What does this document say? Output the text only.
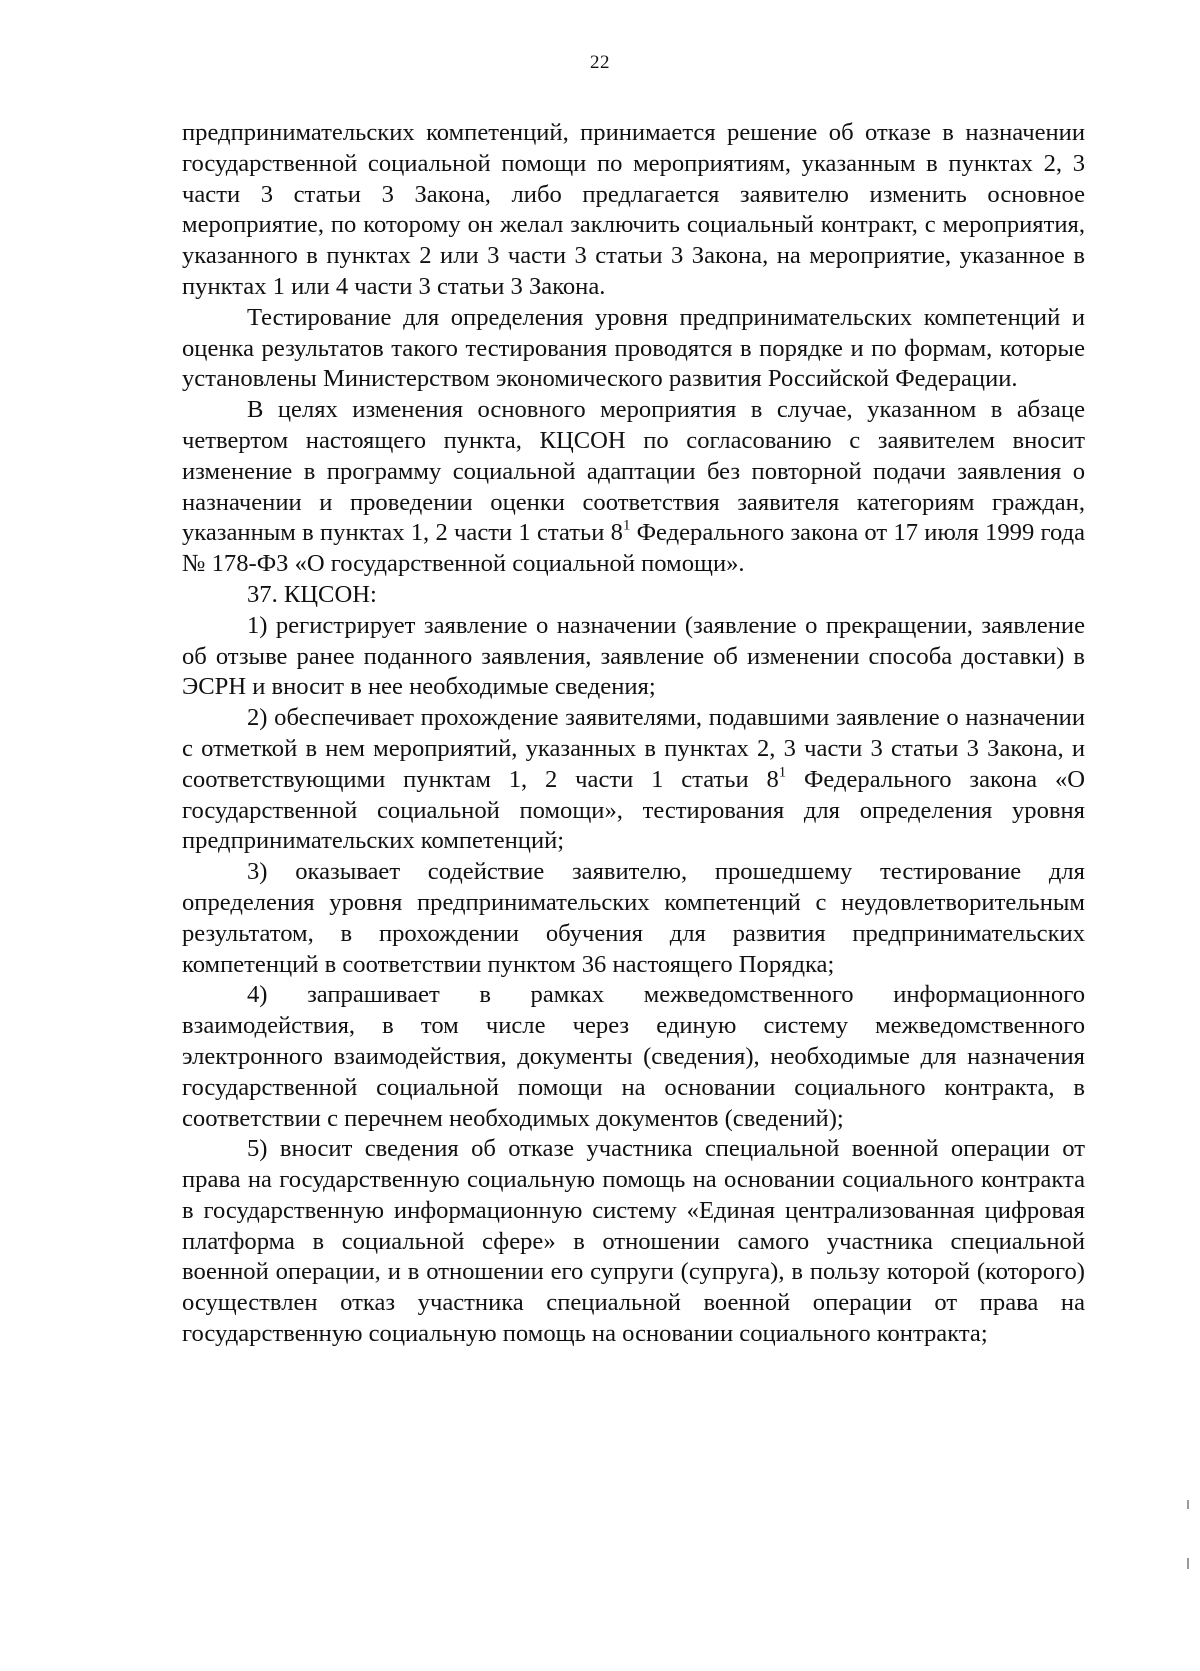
22

предпринимательских компетенций, принимается решение об отказе в назначении государственной социальной помощи по мероприятиям, указанным в пунктах 2, 3 части 3 статьи 3 Закона, либо предлагается заявителю изменить основное мероприятие, по которому он желал заключить социальный контракт, с мероприятия, указанного в пунктах 2 или 3 части 3 статьи 3 Закона, на мероприятие, указанное в пунктах 1 или 4 части 3 статьи 3 Закона.

Тестирование для определения уровня предпринимательских компетенций и оценка результатов такого тестирования проводятся в порядке и по формам, которые установлены Министерством экономического развития Российской Федерации.

В целях изменения основного мероприятия в случае, указанном в абзаце четвертом настоящего пункта, КЦСОН по согласованию с заявителем вносит изменение в программу социальной адаптации без повторной подачи заявления о назначении и проведении оценки соответствия заявителя категориям граждан, указанным в пунктах 1, 2 части 1 статьи $8^1$ Федерального закона от 17 июля 1999 года № 178-ФЗ «О государственной социальной помощи».

37. КЦСОН:

1) регистрирует заявление о назначении (заявление о прекращении, заявление об отзыве ранее поданного заявления, заявление об изменении способа доставки) в ЭСРН и вносит в нее необходимые сведения;

2) обеспечивает прохождение заявителями, подавшими заявление о назначении с отметкой в нем мероприятий, указанных в пунктах 2, 3 части 3 статьи 3 Закона, и соответствующими пунктам 1, 2 части 1 статьи $8^1$ Федерального закона «О государственной социальной помощи», тестирования для определения уровня предпринимательских компетенций;

3) оказывает содействие заявителю, прошедшему тестирование для определения уровня предпринимательских компетенций с неудовлетворительным результатом, в прохождении обучения для развития предпринимательских компетенций в соответствии пунктом 36 настоящего Порядка;

4) запрашивает в рамках межведомственного информационного взаимодействия, в том числе через единую систему межведомственного электронного взаимодействия, документы (сведения), необходимые для назначения государственной социальной помощи на основании социального контракта, в соответствии с перечнем необходимых документов (сведений);

5) вносит сведения об отказе участника специальной военной операции от права на государственную социальную помощь на основании социального контракта в государственную информационную систему «Единая централизованная цифровая платформа в социальной сфере» в отношении самого участника специальной военной операции, и в отношении его супруги (супруга), в пользу которой (которого) осуществлен отказ участника специальной военной операции от права на государственную социальную помощь на основании социального контракта;
